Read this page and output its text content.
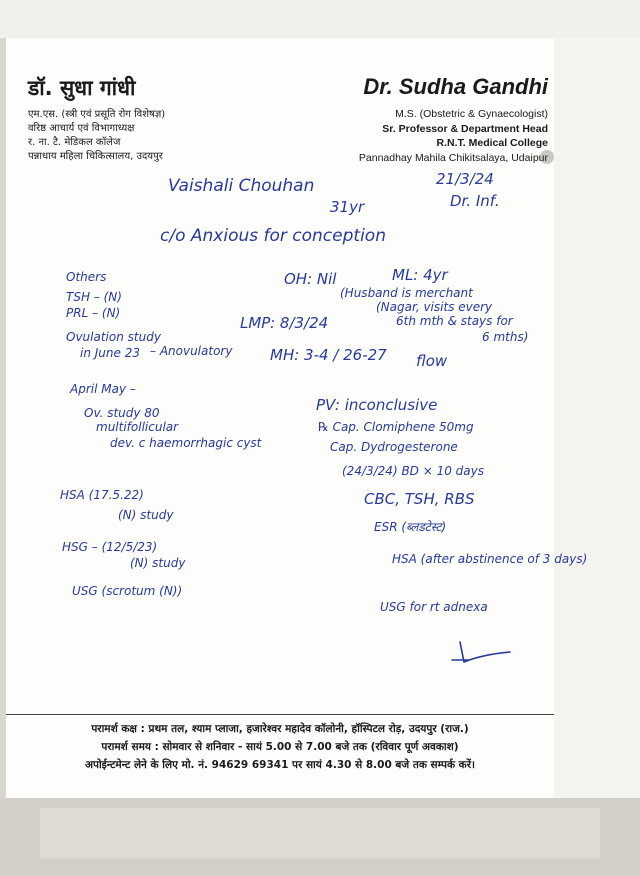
डॉ. सुधा गांधी
एम.एस. (स्त्री एवं प्रसूति रोग विशेषज्ञ)
वरिष्ठ आचार्य एवं विभागाध्यक्ष
र. ना. टै. मेडिकल कॉलेज
पन्नाधाय महिला चिकित्सालय, उदयपुर
Dr. Sudha Gandhi
M.S. (Obstetric & Gynaecologist)
Sr. Professor & Department Head
R.N.T. Medical College
Pannadhay Mahila Chikitsalaya, Udaipur
Vaishali Chouhan	21/3/24
31yr	Dr. Inf.
c/o Anxious for conception
OH: Nil	ML: 4yr
(Husband is merchant
(Nagar, visits every
6th mth & stays for
6 mths)
LMP: 8/3/24
MH: 3-4 / 26-27 flow
PV: inconclusive
℞ Cap. Clomiphene 50mg
Cap. Dydrogesterone
(24/3/24) BD × 10 days
CBC, TSH, RBS
ESR (ब्लडटेस्ट)
HSA (after abstinence of 3 days)
USG for rt adnexa
Others
TSH – (N)
PRL – (N)
Ovulation study
in June 23 – Anovulatory
April May –
Ov. study 80
multifollicular
dev. c haemorrhagic cyst
HSA (17.5.22)
(N) study
HSG – (12/5/23)
(N) study
USG (scrotum (N))
परामर्श कक्ष : प्रथम तल, श्याम प्लाजा, हजारेश्वर महादेव कॉलोनी, हॉस्पिटल रोड़, उदयपुर (राज.)
परामर्श समय : सोमवार से शनिवार - सायं 5.00 से 7.00 बजे तक (रविवार पूर्ण अवकाश)
अपोईन्टमेन्ट लेने के लिए मो. नं. 94629 69341 पर सायं 4.30 से 8.00 बजे तक सम्पर्क करें।
